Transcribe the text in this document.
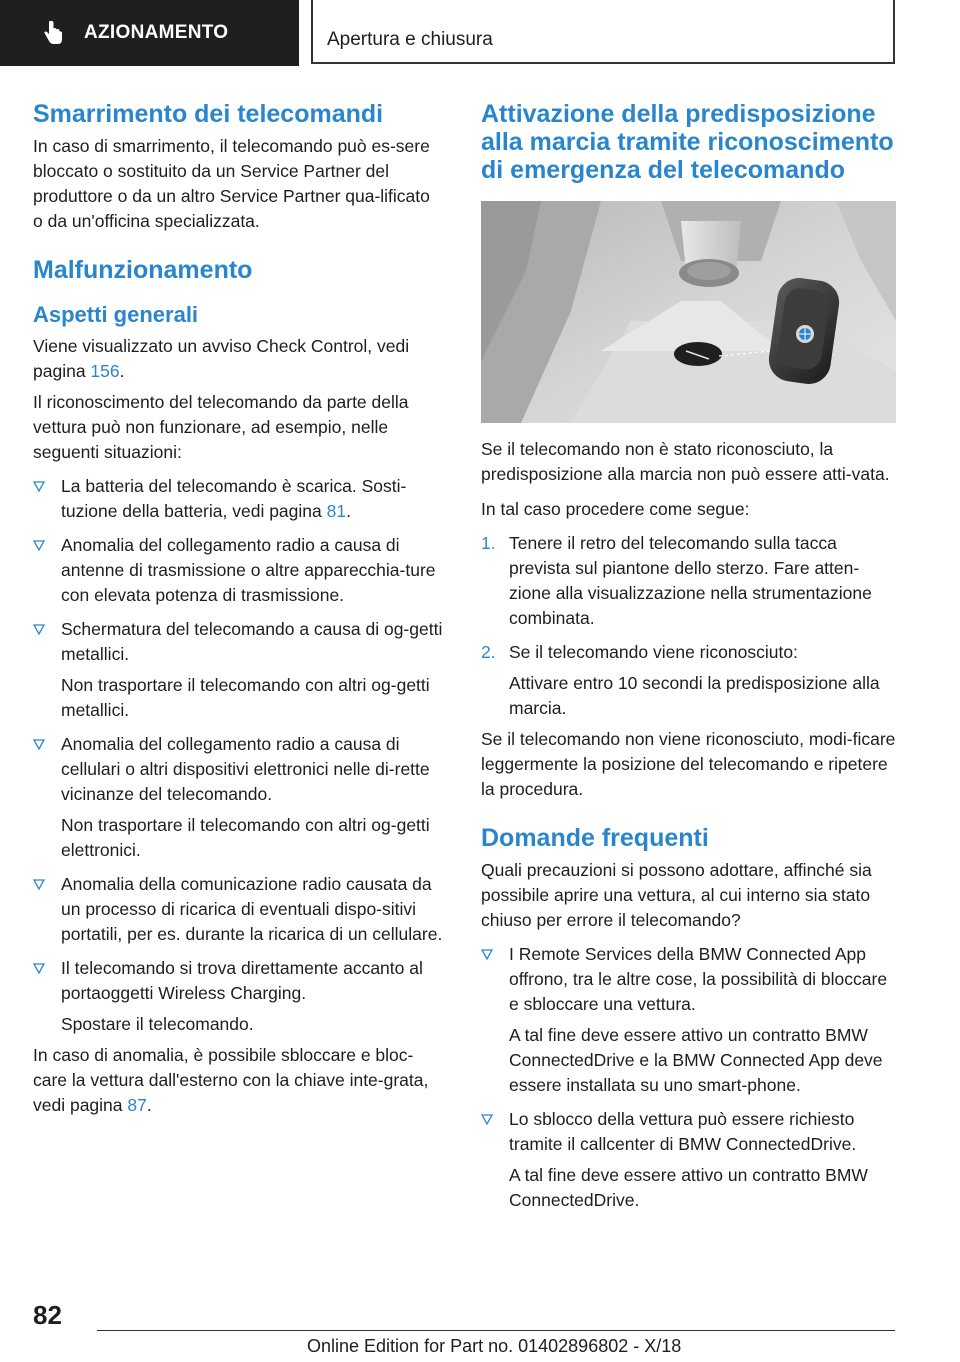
AZIONAMENTO	Apertura e chiusura
Smarrimento dei telecomandi

In caso di smarrimento, il telecomando può es-sere bloccato o sostituito da un Service Partner del produttore o da un altro Service Partner qua-lificato o da un'officina specializzata.

Malfunzionamento
Aspetti generali

Viene visualizzato un avviso Check Control, vedi pagina 156.

Il riconoscimento del telecomando da parte della vettura può non funzionare, ad esempio, nelle seguenti situazioni:

La batteria del telecomando è scarica. Sosti-tuzione della batteria, vedi pagina 81.

Anomalia del collegamento radio a causa di antenne di trasmissione o altre apparecchia-ture con elevata potenza di trasmissione.

Schermatura del telecomando a causa di og-getti metallici.

Non trasportare il telecomando con altri og-getti metallici.

Anomalia del collegamento radio a causa di cellulari o altri dispositivi elettronici nelle di-rette vicinanze del telecomando.

Non trasportare il telecomando con altri og-getti elettronici.

Anomalia della comunicazione radio causata da un processo di ricarica di eventuali dispo-sitivi portatili, per es. durante la ricarica di un cellulare.

Il telecomando si trova direttamente accanto al portaoggetti Wireless Charging.

Spostare il telecomando.

In caso di anomalia, è possibile sbloccare e bloc-care la vettura dall'esterno con la chiave inte-grata, vedi pagina 87.

Attivazione della predisposizione alla marcia tramite riconoscimento di emergenza del telecomando

Se il telecomando non è stato riconosciuto, la predisposizione alla marcia non può essere atti-vata.

In tal caso procedere come segue:

1. Tenere il retro del telecomando sulla tacca prevista sul piantone dello sterzo. Fare atten-zione alla visualizzazione nella strumentazione combinata.

2. Se il telecomando viene riconosciuto:

Attivare entro 10 secondi la predisposizione alla marcia.

Se il telecomando non viene riconosciuto, modi-ficare leggermente la posizione del telecomando e ripetere la procedura.

Domande frequenti

Quali precauzioni si possono adottare, affinché sia possibile aprire una vettura, al cui interno sia stato chiuso per errore il telecomando?

I Remote Services della BMW Connected App offrono, tra le altre cose, la possibilità di bloccare e sbloccare una vettura.

A tal fine deve essere attivo un contratto BMW ConnectedDrive e la BMW Connected App deve essere installata su uno smart-phone.

Lo sblocco della vettura può essere richiesto tramite il callcenter di BMW ConnectedDrive.

A tal fine deve essere attivo un contratto BMW ConnectedDrive.

82
Online Edition for Part no. 01402896802 - X/18
